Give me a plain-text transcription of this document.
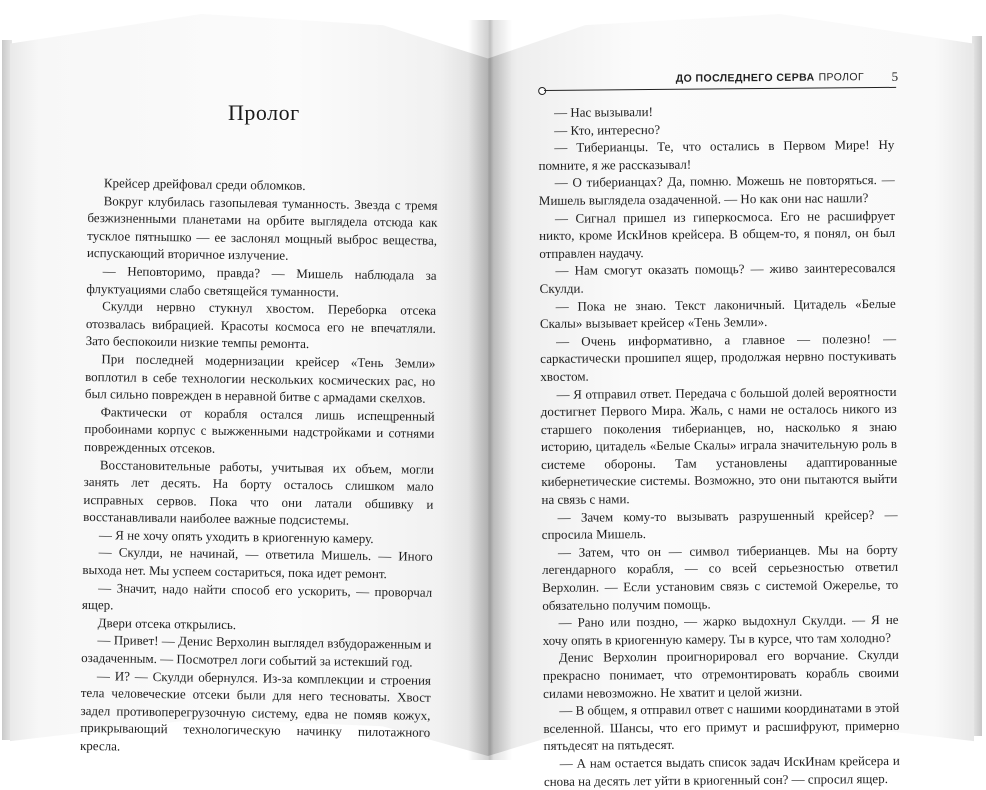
Пролог

Крейсер дрейфовал среди обломков.

Вокруг клубилась газопылевая туманность. Звезда с тремя безжизненными планетами на орбите выглядела отсюда как тусклое пятнышко — ее заслонял мощный выброс вещества, испускающий вторичное излучение.

— Неповторимо, правда? — Мишель наблюдала за флуктуациями слабо светящейся туманности.

Скулди нервно стукнул хвостом. Переборка отсека отозвалась вибрацией. Красоты космоса его не впечатляли. Зато беспокоили низкие темпы ремонта.

При последней модернизации крейсер «Тень Земли» воплотил в себе технологии нескольких космических рас, но был сильно поврежден в неравной битве с армадами скелхов.

Фактически от корабля остался лишь испещренный пробоинами корпус с выжженными надстройками и сотнями поврежденных отсеков.

Восстановительные работы, учитывая их объем, могли занять лет десять. На борту осталось слишком мало исправных сервов. Пока что они латали обшивку и восстанавливали наиболее важные подсистемы.

— Я не хочу опять уходить в криогенную камеру.

— Скулди, не начинай, — ответила Мишель. — Иного выхода нет. Мы успеем состариться, пока идет ремонт.

— Значит, надо найти способ его ускорить, — проворчал ящер.

Двери отсека открылись.

— Привет! — Денис Верхолин выглядел взбудораженным и озадаченным. — Посмотрел логи событий за истекший год.

— И? — Скулди обернулся. Из-за комплекции и строения тела человеческие отсеки были для него тесноваты. Хвост задел противоперегрузочную систему, едва не помяв кожух, прикрывающий технологическую начинку пилотажного кресла.

ДО ПОСЛЕДНЕГО СЕРВА ПРОЛОГ 5

— Нас вызывали!

— Кто, интересно?

— Тиберианцы. Те, что остались в Первом Мире! Ну помните, я же рассказывал!

— О тиберианцах? Да, помню. Можешь не повторяться. — Мишель выглядела озадаченной. — Но как они нас нашли?

— Сигнал пришел из гиперкосмоса. Его не расшифрует никто, кроме ИскИнов крейсера. В общем-то, я понял, он был отправлен наудачу.

— Нам смогут оказать помощь? — живо заинтересовался Скулди.

— Пока не знаю. Текст лаконичный. Цитадель «Белые Скалы» вызывает крейсер «Тень Земли».

— Очень информативно, а главное — полезно! — саркастически прошипел ящер, продолжая нервно постукивать хвостом.

— Я отправил ответ. Передача с большой долей вероятности достигнет Первого Мира. Жаль, с нами не осталось никого из старшего поколения тиберианцев, но, насколько я знаю историю, цитадель «Белые Скалы» играла значительную роль в системе обороны. Там установлены адаптированные кибернетические системы. Возможно, это они пытаются выйти на связь с нами.

— Зачем кому-то вызывать разрушенный крейсер? — спросила Мишель.

— Затем, что он — символ тиберианцев. Мы на борту легендарного корабля, — со всей серьезностью ответил Верхолин. — Если установим связь с системой Ожерелье, то обязательно получим помощь.

— Рано или поздно, — жарко выдохнул Скулди. — Я не хочу опять в криогенную камеру. Ты в курсе, что там холодно?

Денис Верхолин проигнорировал его ворчание. Скулди прекрасно понимает, что отремонтировать корабль своими силами невозможно. Не хватит и целой жизни.

— В общем, я отправил ответ с нашими координатами в этой вселенной. Шансы, что его примут и расшифруют, примерно пятьдесят на пятьдесят.

— А нам остается выдать список задач ИскИнам крейсера и снова на десять лет уйти в криогенный сон? — спросил ящер.
